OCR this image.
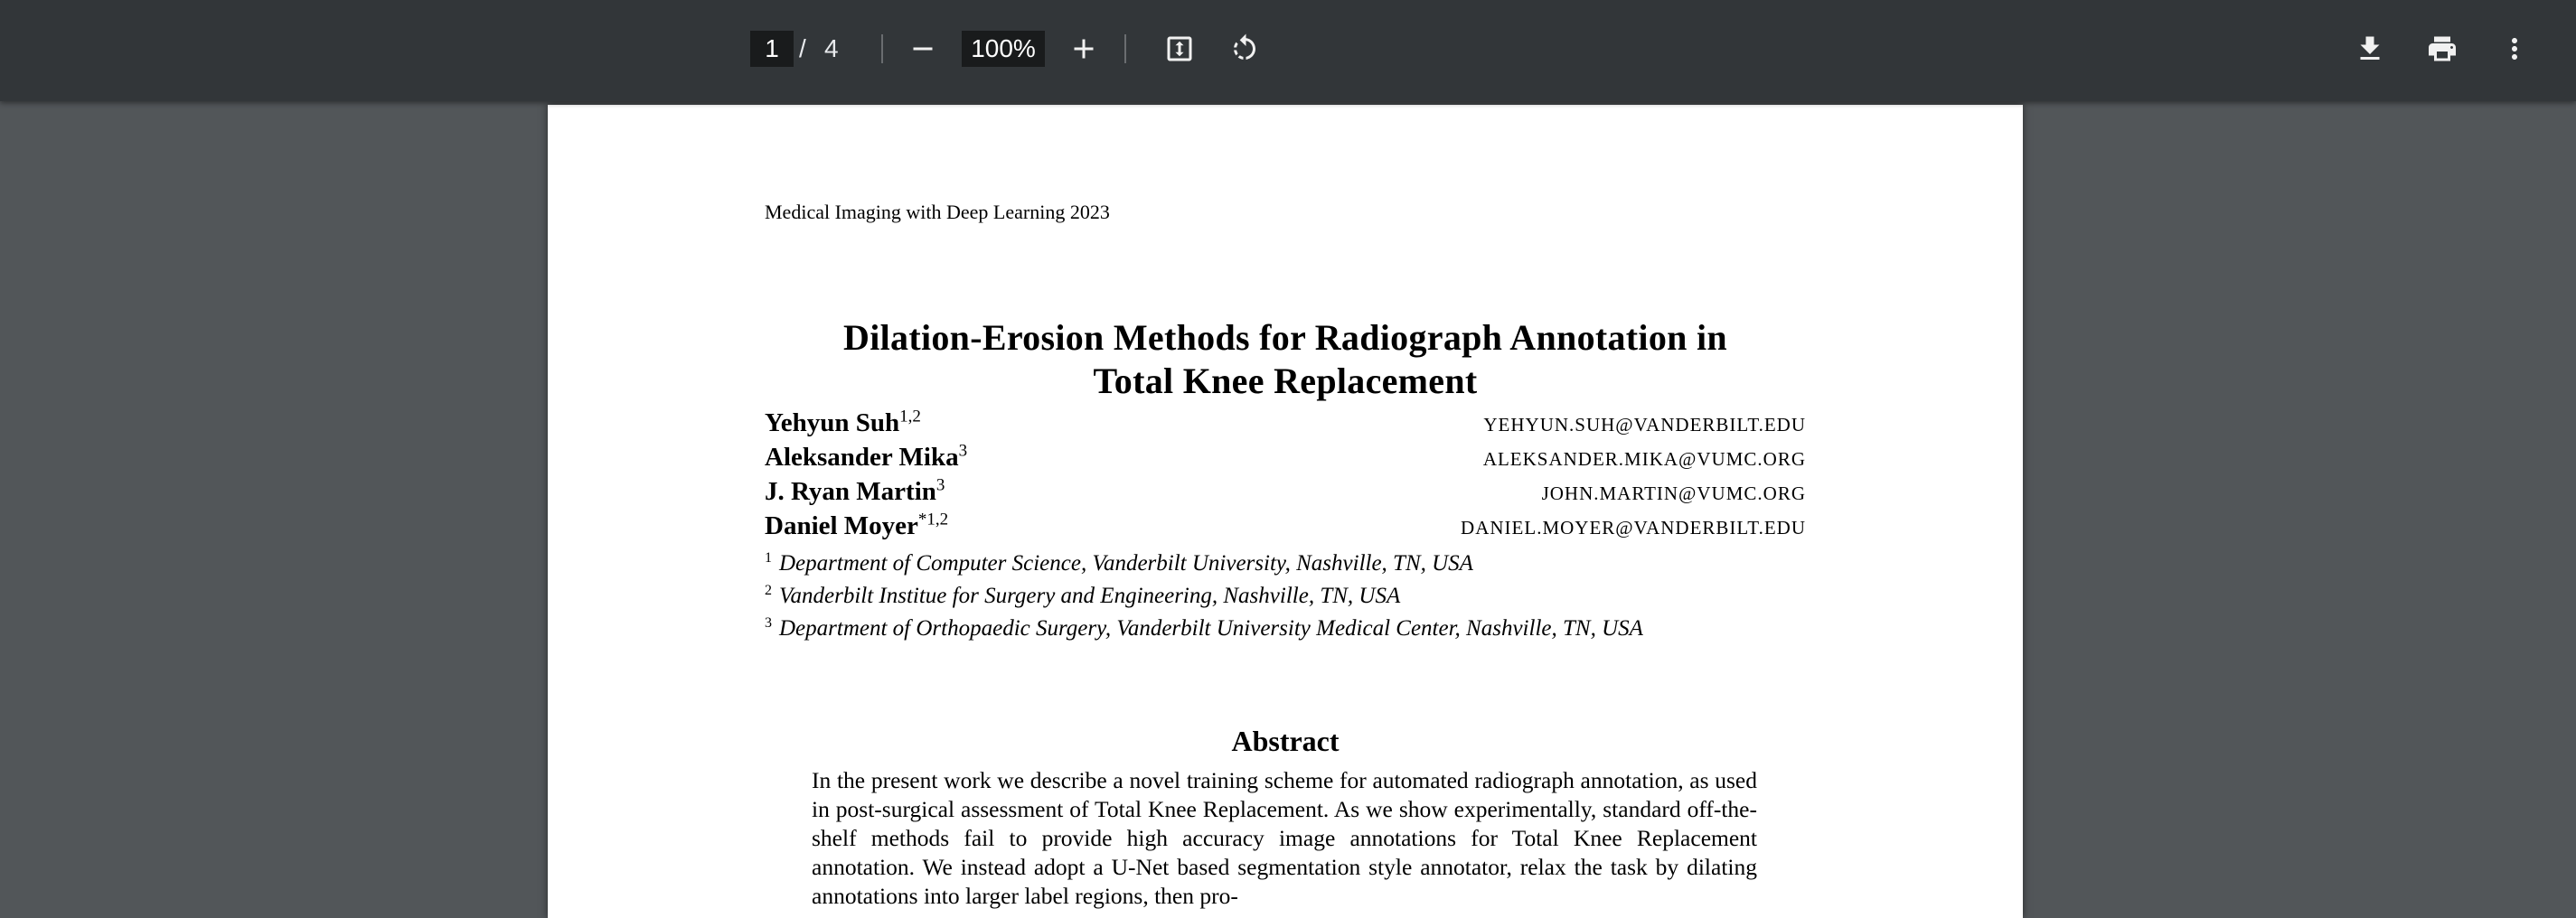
1 / 4	100%
Medical Imaging with Deep Learning 2023
Dilation-Erosion Methods for Radiograph Annotation in
Total Knee Replacement
Yehyun Suh$^{1,2}$	YEHYUN.SUH@VANDERBILT.EDU
Aleksander Mika$^3$	ALEKSANDER.MIKA@VUMC.ORG
J. Ryan Martin$^3$	JOHN.MARTIN@VUMC.ORG
Daniel Moyer$^{*1,2}$	DANIEL.MOYER@VANDERBILT.EDU
$^1$ Department of Computer Science, Vanderbilt University, Nashville, TN, USA
$^2$ Vanderbilt Institue for Surgery and Engineering, Nashville, TN, USA
$^3$ Department of Orthopaedic Surgery, Vanderbilt University Medical Center, Nashville, TN, USA
Abstract
In the present work we describe a novel training scheme for automated radiograph annotation, as used in post-surgical assessment of Total Knee Replacement. As we show experimentally, standard off-the-shelf methods fail to provide high accuracy image annotations for Total Knee Replacement annotation. We instead adopt a U-Net based segmentation style annotator, relax the task by dilating annotations into larger label regions, then pro-
